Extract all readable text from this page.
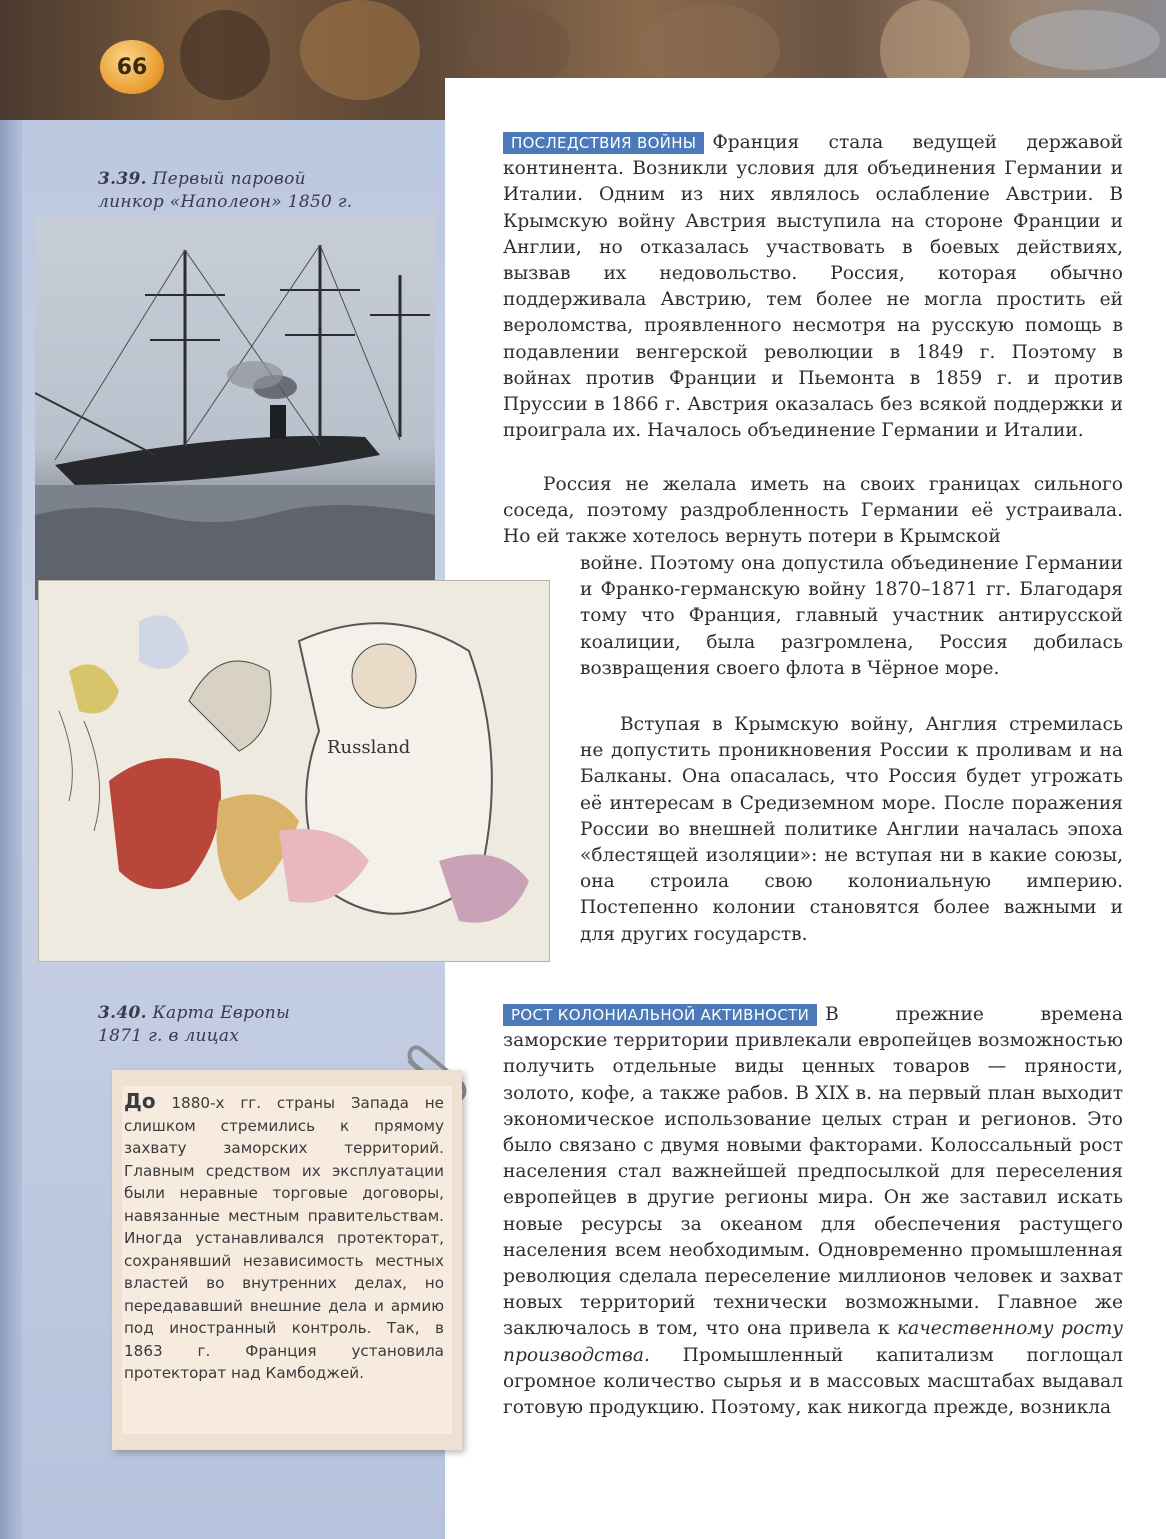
66
3.39. Первый паровой
линкор «Наполеон» 1850 г.
Russland
3.40. Карта Европы
1871 г. в лицах
До 1880-х гг. страны Запада не слишком стремились к прямому захвату заморских территорий. Главным средством их эксплуатации были неравные торговые договоры, навязанные местным правительствам. Иногда устанавливался протекторат, сохранявший независимость местных властей во внутренних делах, но передававший внешние дела и армию под иностранный контроль. Так, в 1863 г. Франция установила протекторат над Камбоджей.

ПОСЛЕДСТВИЯ ВОЙНЫ Франция стала ведущей державой континента. Возникли условия для объединения Германии и Италии. Одним из них являлось ослабление Австрии. В Крымскую войну Австрия выступила на стороне Франции и Англии, но отказалась участвовать в боевых действиях, вызвав их недовольство. Россия, которая обычно поддерживала Австрию, тем более не могла простить ей вероломства, проявленного несмотря на русскую помощь в подавлении венгерской революции в 1849 г. Поэтому в войнах против Франции и Пьемонта в 1859 г. и против Пруссии в 1866 г. Австрия оказалась без всякой поддержки и проиграла их. Началось объединение Германии и Италии.

Россия не желала иметь на своих границах сильного соседа, поэтому раздробленность Германии её устраивала. Но ей также хотелось вернуть потери в Крымской

войне. Поэтому она допустила объединение Германии и Франко-германскую войну 1870–1871 гг. Благодаря тому что Франция, главный участник антирусской коалиции, была разгромлена, Россия добилась возвращения своего флота в Чёрное море.

Вступая в Крымскую войну, Англия стремилась не допустить проникновения России к проливам и на Балканы. Она опасалась, что Россия будет угрожать её интересам в Средиземном море. После поражения России во внешней политике Англии началась эпоха «блестящей изоляции»: не вступая ни в какие союзы, она строила свою колониальную империю. Постепенно колонии становятся более важными и для других государств.

РОСТ КОЛОНИАЛЬНОЙ АКТИВНОСТИ В прежние времена заморские территории привлекали европейцев возможностью получить отдельные виды ценных товаров — пряности, золото, кофе, а также рабов. В XIX в. на первый план выходит экономическое использование целых стран и регионов. Это было связано с двумя новыми факторами. Колоссальный рост населения стал важнейшей предпосылкой для переселения европейцев в другие регионы мира. Он же заставил искать новые ресурсы за океаном для обеспечения растущего населения всем необходимым. Одновременно промышленная революция сделала переселение миллионов человек и захват новых территорий технически возможными. Главное же заключалось в том, что она привела к качественному росту производства. Промышленный капитализм поглощал огромное количество сырья и в массовых масштабах выдавал готовую продукцию. Поэтому, как никогда прежде, возникла
